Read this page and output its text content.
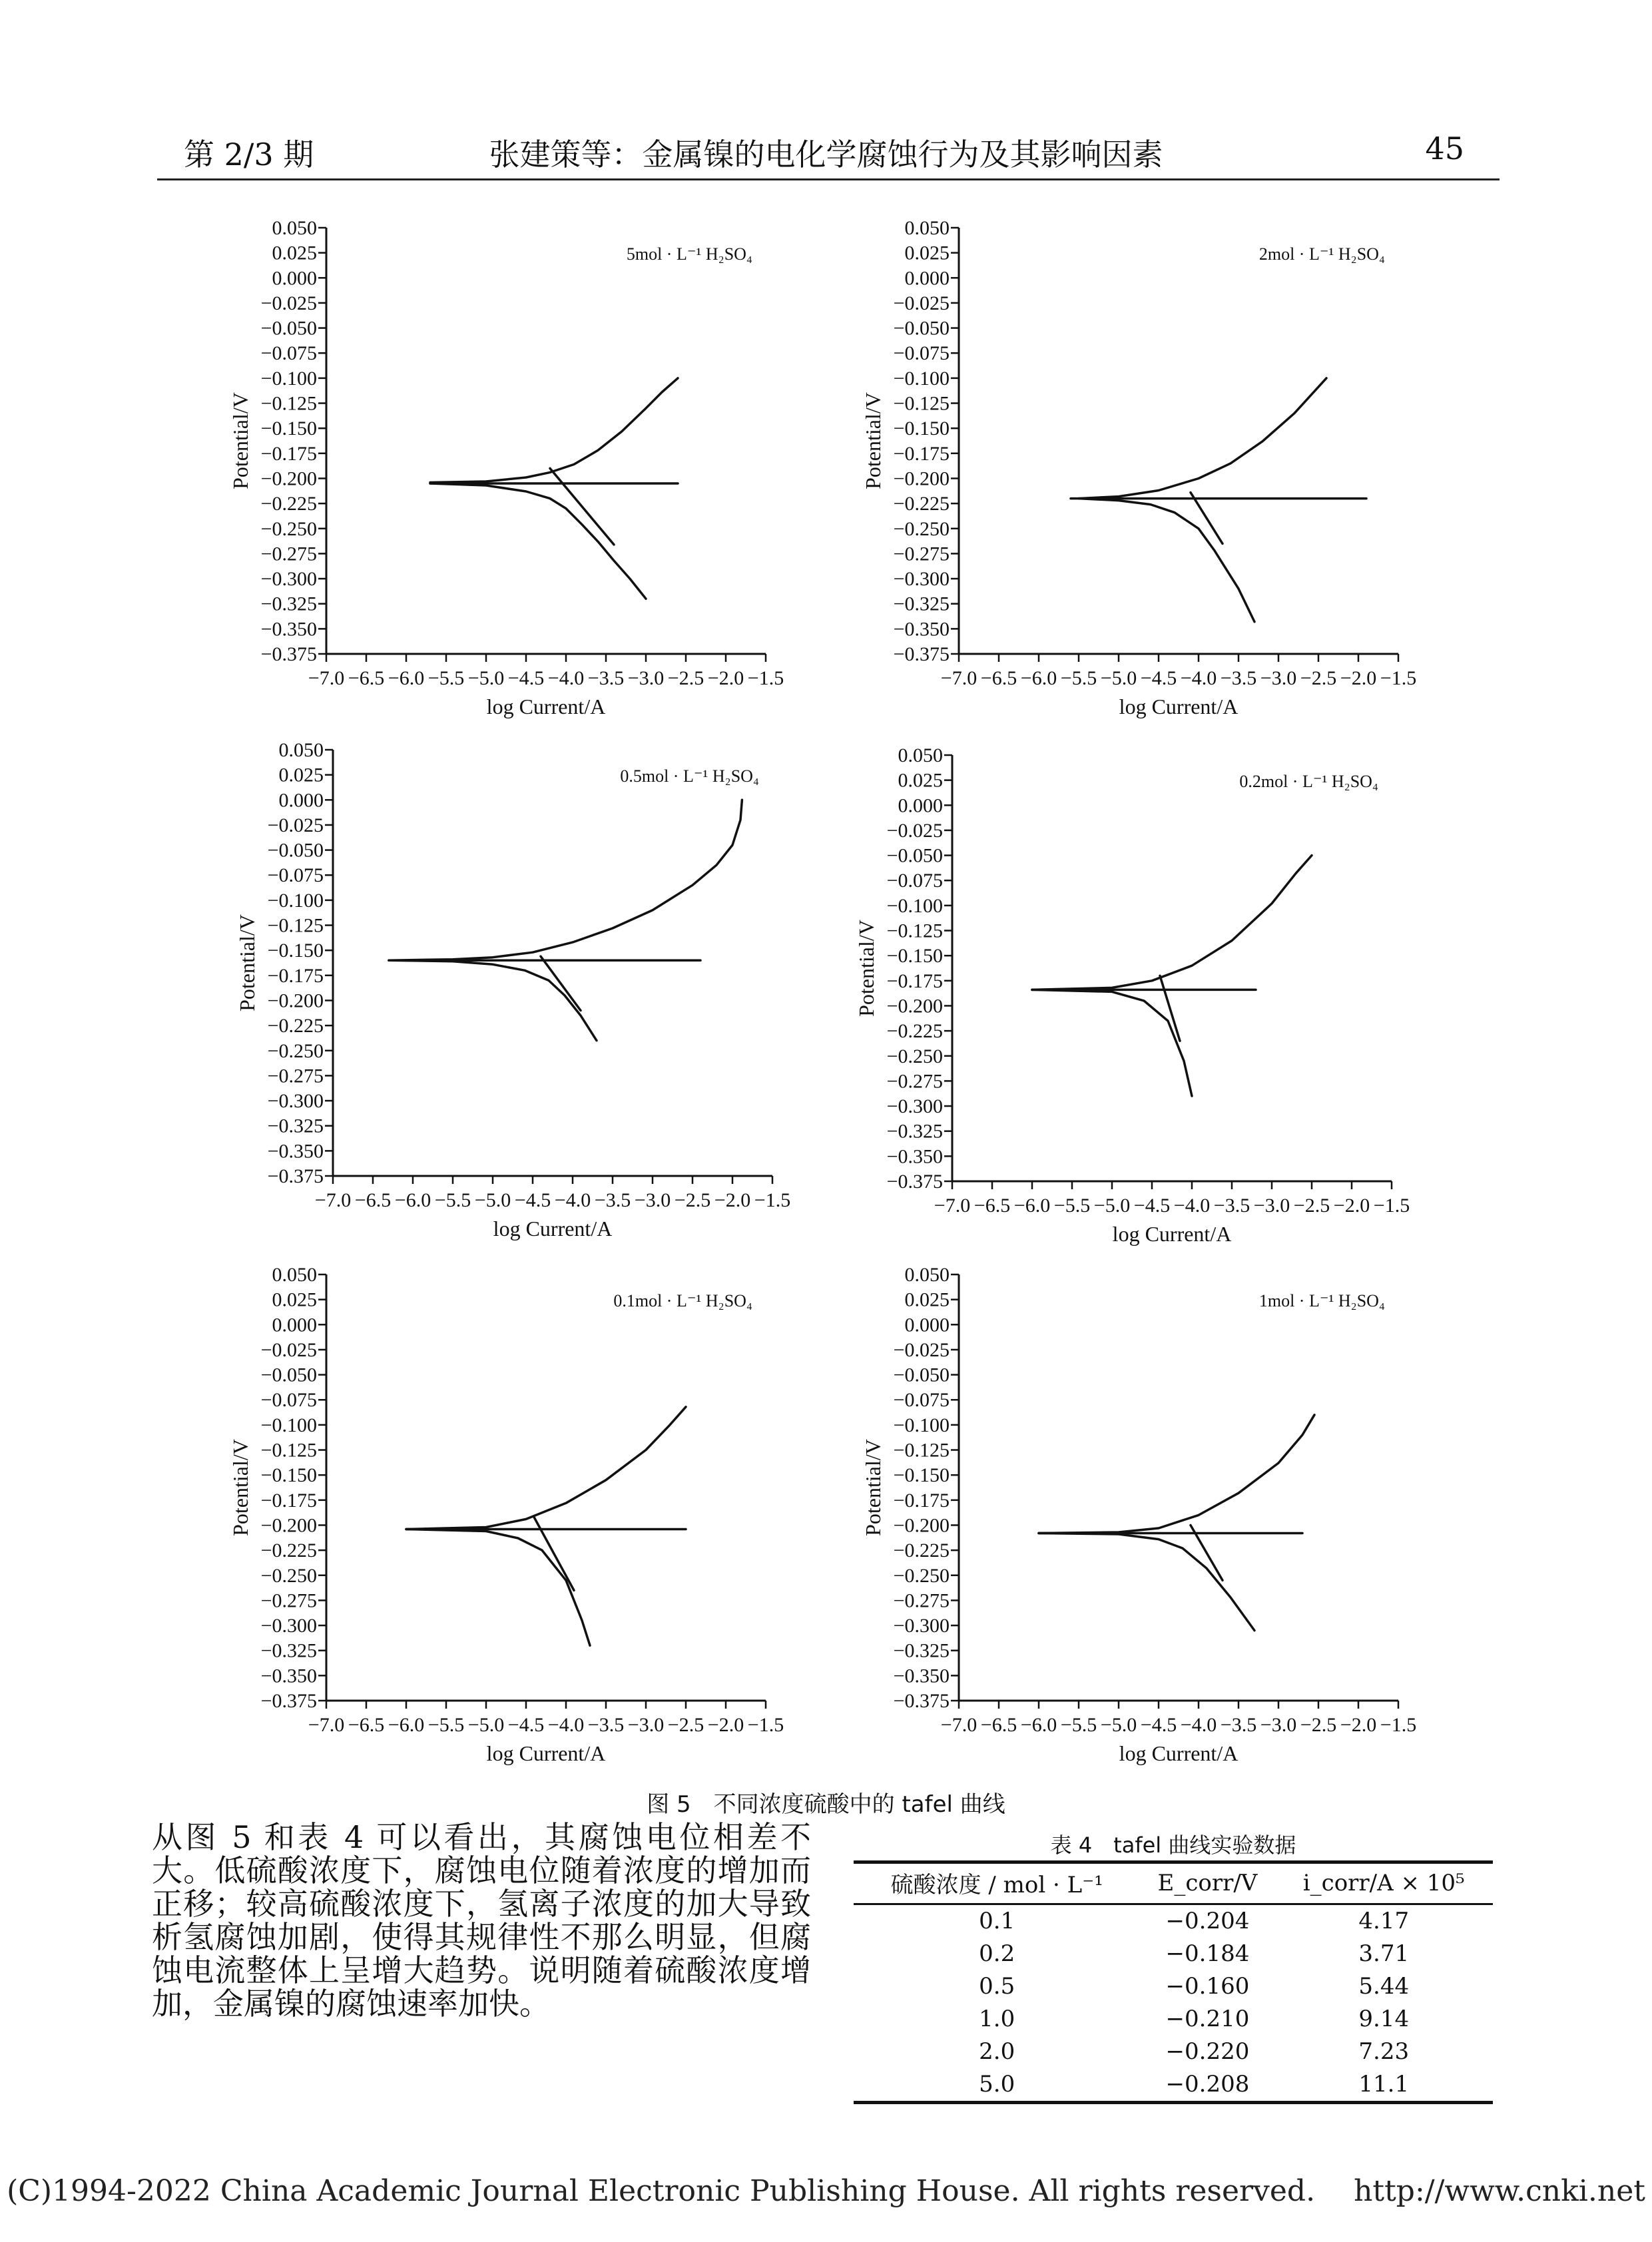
第 2/3 期	张建策等：金属镍的电化学腐蚀行为及其影响因素	45
0.050
0.025
0.000
−0.025
−0.050
−0.075
−0.100
−0.125
−0.150
−0.175
−0.200
−0.225
−0.250
−0.275
−0.300
−0.325
−0.350
−0.375
−7.0 −6.5 −6.0 −5.5 −5.0 −4.5 −4.0 −3.5 −3.0 −2.5 −2.0 −1.5
log Current/A
Potential/V
5mol · L⁻¹ H₂SO₄
0.050
0.025
0.000
−0.025
−0.050
−0.075
−0.100
−0.125
−0.150
−0.175
−0.200
−0.225
−0.250
−0.275
−0.300
−0.325
−0.350
−0.375
−7.0 −6.5 −6.0 −5.5 −5.0 −4.5 −4.0 −3.5 −3.0 −2.5 −2.0 −1.5
log Current/A
Potential/V
2mol · L⁻¹ H₂SO₄
0.050
0.025
0.000
−0.025
−0.050
−0.075
−0.100
−0.125
−0.150
−0.175
−0.200
−0.225
−0.250
−0.275
−0.300
−0.325
−0.350
−0.375
−7.0 −6.5 −6.0 −5.5 −5.0 −4.5 −4.0 −3.5 −3.0 −2.5 −2.0 −1.5
log Current/A
Potential/V
0.5mol · L⁻¹ H₂SO₄
0.050
0.025
0.000
−0.025
−0.050
−0.075
−0.100
−0.125
−0.150
−0.175
−0.200
−0.225
−0.250
−0.275
−0.300
−0.325
−0.350
−0.375
−7.0 −6.5 −6.0 −5.5 −5.0 −4.5 −4.0 −3.5 −3.0 −2.5 −2.0 −1.5
log Current/A
Potential/V
0.2mol · L⁻¹ H₂SO₄
0.050
0.025
0.000
−0.025
−0.050
−0.075
−0.100
−0.125
−0.150
−0.175
−0.200
−0.225
−0.250
−0.275
−0.300
−0.325
−0.350
−0.375
−7.0 −6.5 −6.0 −5.5 −5.0 −4.5 −4.0 −3.5 −3.0 −2.5 −2.0 −1.5
log Current/A
Potential/V
0.1mol · L⁻¹ H₂SO₄
0.050
0.025
0.000
−0.025
−0.050
−0.075
−0.100
−0.125
−0.150
−0.175
−0.200
−0.225
−0.250
−0.275
−0.300
−0.325
−0.350
−0.375
−7.0 −6.5 −6.0 −5.5 −5.0 −4.5 −4.0 −3.5 −3.0 −2.5 −2.0 −1.5
log Current/A
Potential/V
1mol · L⁻¹ H₂SO₄
图 5　不同浓度硫酸中的 tafel 曲线

从图 5 和表 4 可以看出，其腐蚀电位相差不大。低硫酸浓度下，腐蚀电位随着浓度的增加而正移；较高硫酸浓度下，氢离子浓度的加大导致析氢腐蚀加剧，使得其规律性不那么明显，但腐蚀电流整体上呈增大趋势。说明随着硫酸浓度增加，金属镍的腐蚀速率加快。

表 4　tafel 曲线实验数据
硫酸浓度 / mol · L⁻¹	E_corr/V	i_corr/A × 10⁵
0.1	−0.204	4.17
0.2	−0.184	3.71
0.5	−0.160	5.44
1.0	−0.210	9.14
2.0	−0.220	7.23
5.0	−0.208	11.1
(C)1994-2022 China Academic Journal Electronic Publishing House. All rights reserved.　 http://www.cnki.net
